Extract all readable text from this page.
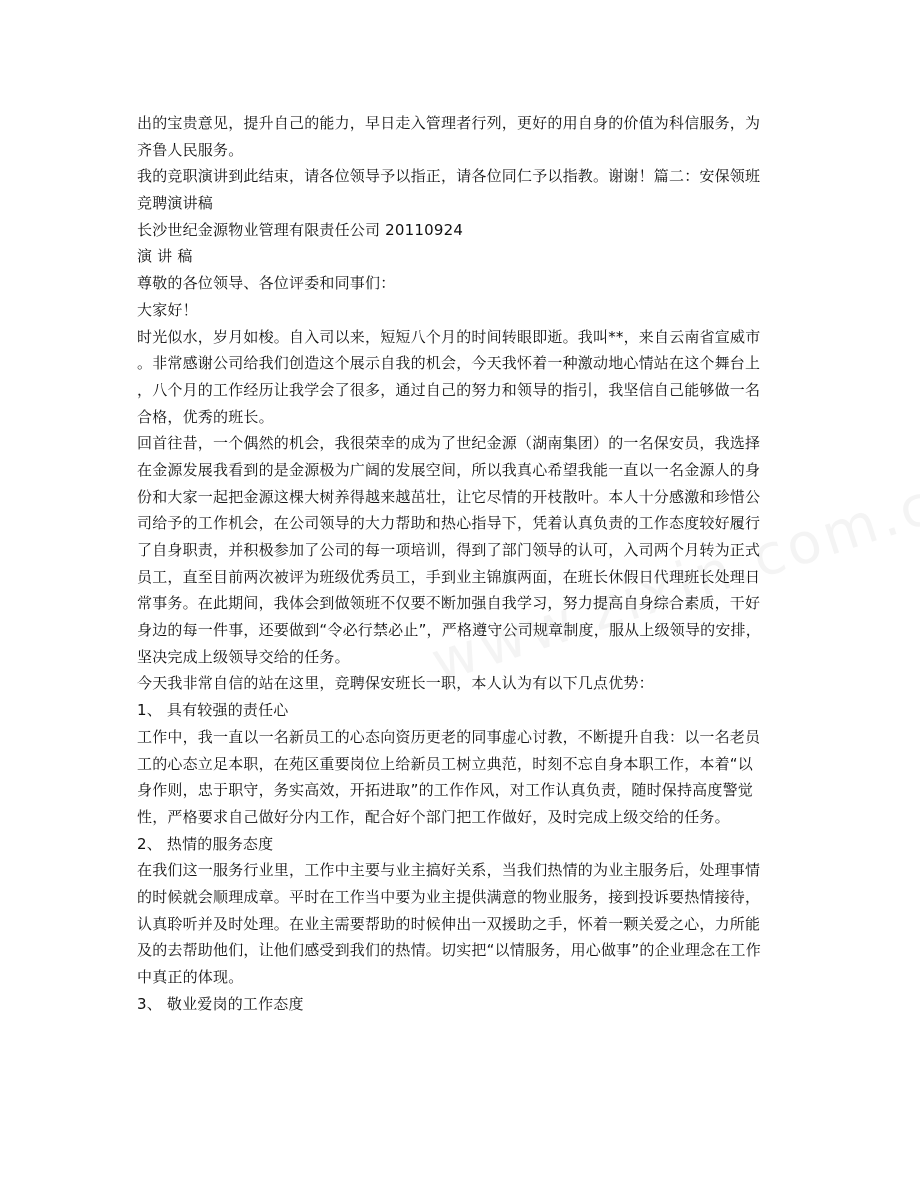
出的宝贵意见，提升自己的能力，早日走入管理者行列，更好的用自身的价值为科信服务，为
齐鲁人民服务。
我的竞职演讲到此结束，请各位领导予以指正，请各位同仁予以指教。谢谢！篇二：安保领班
竞聘演讲稿
长沙世纪金源物业管理有限责任公司 20110924
演 讲 稿
尊敬的各位领导、各位评委和同事们：
大家好！
时光似水，岁月如梭。自入司以来，短短八个月的时间转眼即逝。我叫**，来自云南省宣威市
。非常感谢公司给我们创造这个展示自我的机会，今天我怀着一种激动地心情站在这个舞台上
，八个月的工作经历让我学会了很多，通过自己的努力和领导的指引，我坚信自己能够做一名
合格，优秀的班长。
回首往昔，一个偶然的机会，我很荣幸的成为了世纪金源（湖南集团）的一名保安员，我选择
在金源发展我看到的是金源极为广阔的发展空间，所以我真心希望我能一直以一名金源人的身
份和大家一起把金源这棵大树养得越来越茁壮，让它尽情的开枝散叶。本人十分感激和珍惜公
司给予的工作机会，在公司领导的大力帮助和热心指导下，凭着认真负责的工作态度较好履行
了自身职责，并积极参加了公司的每一项培训，得到了部门领导的认可，入司两个月转为正式
员工，直至目前两次被评为班级优秀员工，手到业主锦旗两面，在班长休假日代理班长处理日
常事务。在此期间，我体会到做领班不仅要不断加强自我学习，努力提高自身综合素质，干好
身边的每一件事，还要做到“令必行禁必止”，严格遵守公司规章制度，服从上级领导的安排，
坚决完成上级领导交给的任务。
今天我非常自信的站在这里，竞聘保安班长一职，本人认为有以下几点优势：
1、 具有较强的责任心
工作中，我一直以一名新员工的心态向资历更老的同事虚心讨教，不断提升自我：以一名老员
工的心态立足本职，在苑区重要岗位上给新员工树立典范，时刻不忘自身本职工作，本着“以
身作则，忠于职守，务实高效，开拓进取”的工作作风，对工作认真负责，随时保持高度警觉
性，严格要求自己做好分内工作，配合好个部门把工作做好，及时完成上级交给的任务。
2、 热情的服务态度
在我们这一服务行业里，工作中主要与业主搞好关系，当我们热情的为业主服务后，处理事情
的时候就会顺理成章。平时在工作当中要为业主提供满意的物业服务，接到投诉要热情接待，
认真聆听并及时处理。在业主需要帮助的时候伸出一双援助之手，怀着一颗关爱之心，力所能
及的去帮助他们，让他们感受到我们的热情。切实把“以情服务，用心做事”的企业理念在工作
中真正的体现。
3、 敬业爱岗的工作态度
